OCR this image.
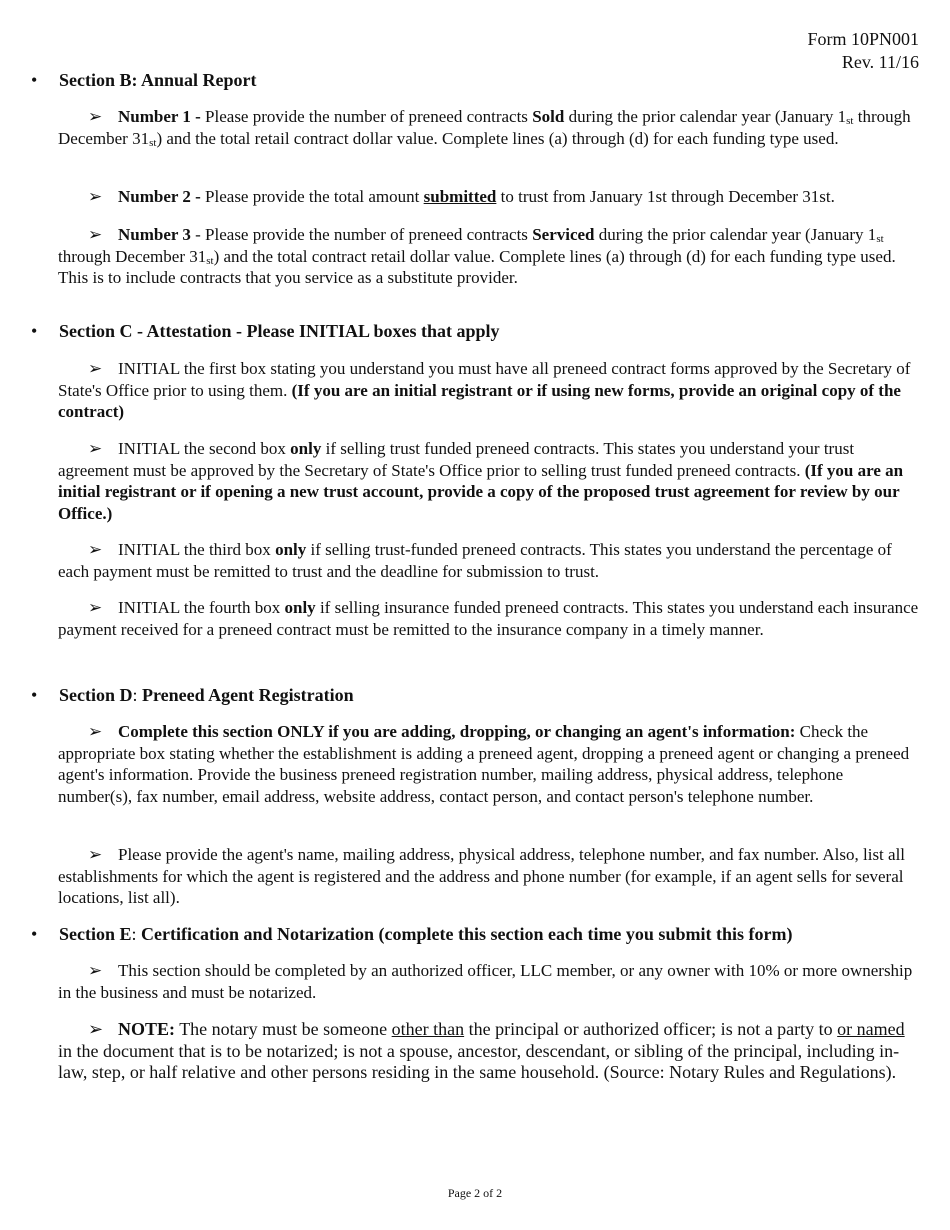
Form 10PN001
Rev. 11/16
• Section B: Annual Report
➢ Number 1 - Please provide the number of preneed contracts Sold during the prior calendar year (January $1_{st}$ through December $31_{st}$) and the total retail contract dollar value. Complete lines (a) through (d) for each funding type used.
➢ Number 2 - Please provide the total amount submitted to trust from January 1st through December 31st.
➢ Number 3 - Please provide the number of preneed contracts Serviced during the prior calendar year (January $1_{st}$ through December $31_{st}$) and the total contract retail dollar value. Complete lines (a) through (d) for each funding type used. This is to include contracts that you service as a substitute provider.
• Section C - Attestation - Please INITIAL boxes that apply
➢ INITIAL the first box stating you understand you must have all preneed contract forms approved by the Secretary of State's Office prior to using them. (If you are an initial registrant or if using new forms, provide an original copy of the contract)
➢ INITIAL the second box only if selling trust funded preneed contracts. This states you understand your trust agreement must be approved by the Secretary of State's Office prior to selling trust funded preneed contracts. (If you are an initial registrant or if opening a new trust account, provide a copy of the proposed trust agreement for review by our Office.)
➢ INITIAL the third box only if selling trust-funded preneed contracts. This states you understand the percentage of each payment must be remitted to trust and the deadline for submission to trust.
➢ INITIAL the fourth box only if selling insurance funded preneed contracts. This states you understand each insurance payment received for a preneed contract must be remitted to the insurance company in a timely manner.
• Section D: Preneed Agent Registration
➢ Complete this section ONLY if you are adding, dropping, or changing an agent's information: Check the appropriate box stating whether the establishment is adding a preneed agent, dropping a preneed agent or changing a preneed agent's information. Provide the business preneed registration number, mailing address, physical address, telephone number(s), fax number, email address, website address, contact person, and contact person's telephone number.
➢ Please provide the agent's name, mailing address, physical address, telephone number, and fax number. Also, list all establishments for which the agent is registered and the address and phone number (for example, if an agent sells for several locations, list all).
• Section E: Certification and Notarization (complete this section each time you submit this form)
➢ This section should be completed by an authorized officer, LLC member, or any owner with 10% or more ownership in the business and must be notarized.
➢ NOTE: The notary must be someone other than the principal or authorized officer; is not a party to or named in the document that is to be notarized; is not a spouse, ancestor, descendant, or sibling of the principal, including in-law, step, or half relative and other persons residing in the same household. (Source: Notary Rules and Regulations).
Page 2 of 2
